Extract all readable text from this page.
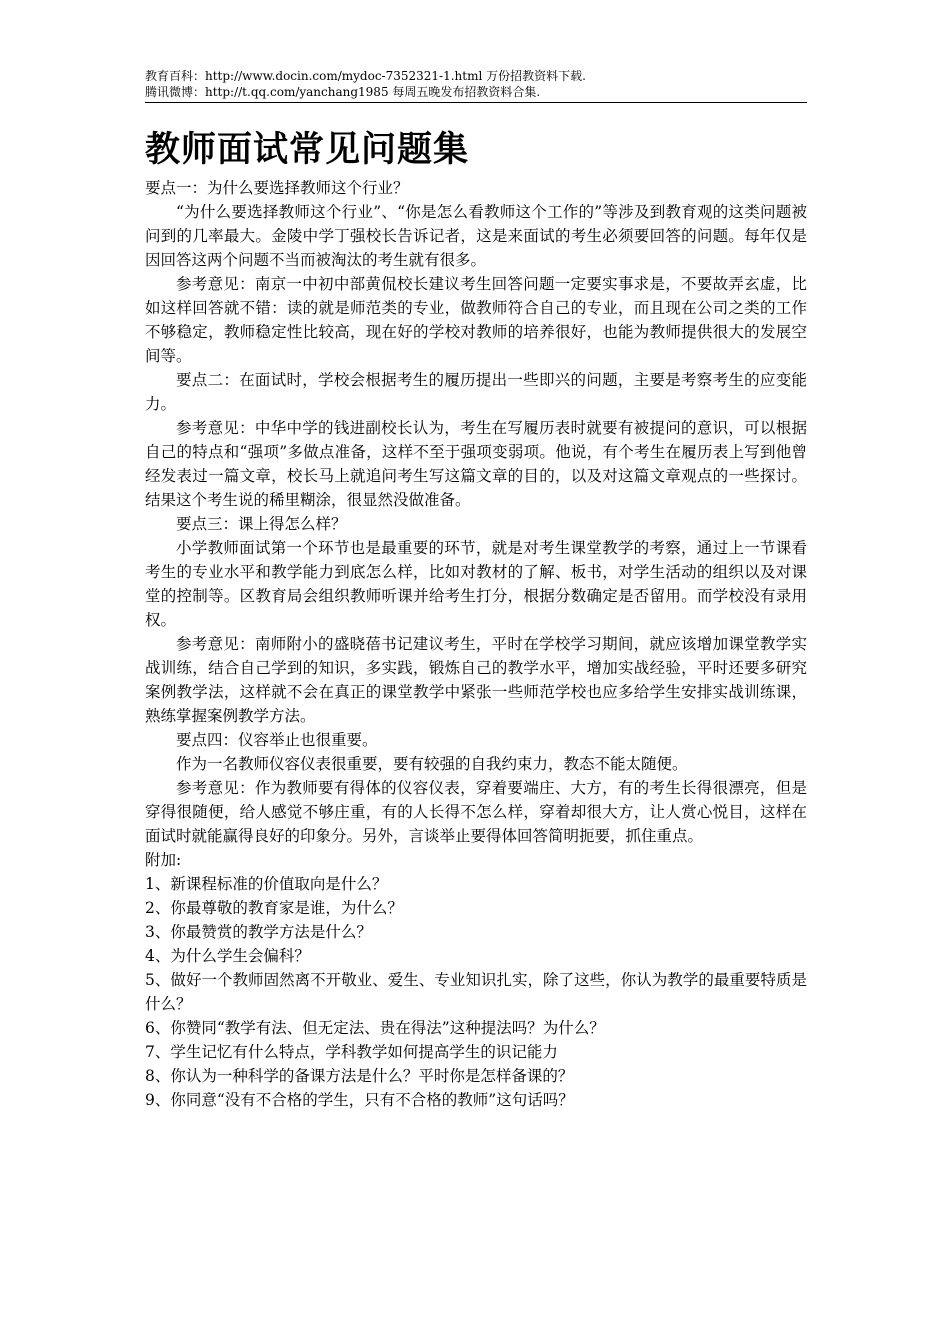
教育百科：http://www.docin.com/mydoc-7352321-1.html 万份招教资料下载.
腾讯微博：http://t.qq.com/yanchang1985 每周五晚发布招教资料合集.
教师面试常见问题集

要点一：为什么要选择教师这个行业？

“为什么要选择教师这个行业”、“你是怎么看教师这个工作的”等涉及到教育观的这类问题被问到的几率最大。金陵中学丁强校长告诉记者，这是来面试的考生必须要回答的问题。每年仅是因回答这两个问题不当而被淘汰的考生就有很多。

参考意见：南京一中初中部黄侃校长建议考生回答问题一定要实事求是，不要故弄玄虚，比如这样回答就不错：读的就是师范类的专业，做教师符合自己的专业，而且现在公司之类的工作不够稳定，教师稳定性比较高，现在好的学校对教师的培养很好，也能为教师提供很大的发展空间等。

要点二：在面试时，学校会根据考生的履历提出一些即兴的问题，主要是考察考生的应变能力。

参考意见：中华中学的钱进副校长认为，考生在写履历表时就要有被提问的意识，可以根据自己的特点和“强项”多做点准备，这样不至于强项变弱项。他说，有个考生在履历表上写到他曾经发表过一篇文章，校长马上就追问考生写这篇文章的目的，以及对这篇文章观点的一些探讨。结果这个考生说的稀里糊涂，很显然没做准备。

要点三：课上得怎么样？

小学教师面试第一个环节也是最重要的环节，就是对考生课堂教学的考察，通过上一节课看考生的专业水平和教学能力到底怎么样，比如对教材的了解、板书，对学生活动的组织以及对课堂的控制等。区教育局会组织教师听课并给考生打分，根据分数确定是否留用。而学校没有录用权。

参考意见：南师附小的盛晓蓓书记建议考生，平时在学校学习期间，就应该增加课堂教学实战训练，结合自己学到的知识，多实践，锻炼自己的教学水平，增加实战经验，平时还要多研究案例教学法，这样就不会在真正的课堂教学中紧张一些师范学校也应多给学生安排实战训练课，熟练掌握案例教学方法。

要点四：仪容举止也很重要。

作为一名教师仪容仪表很重要，要有较强的自我约束力，教态不能太随便。

参考意见：作为教师要有得体的仪容仪表，穿着要端庄、大方，有的考生长得很漂亮，但是穿得很随便，给人感觉不够庄重，有的人长得不怎么样，穿着却很大方，让人赏心悦目，这样在面试时就能赢得良好的印象分。另外，言谈举止要得体回答简明扼要，抓住重点。

附加:

1、新课程标准的价值取向是什么？

2、你最尊敬的教育家是谁，为什么？

3、你最赞赏的教学方法是什么？

4、为什么学生会偏科？

5、做好一个教师固然离不开敬业、爱生、专业知识扎实，除了这些，你认为教学的最重要特质是什么？

6、你赞同“教学有法、但无定法、贵在得法”这种提法吗？为什么？

7、学生记忆有什么特点，学科教学如何提高学生的识记能力

8、你认为一种科学的备课方法是什么？平时你是怎样备课的？

9、你同意“没有不合格的学生，只有不合格的教师”这句话吗？
